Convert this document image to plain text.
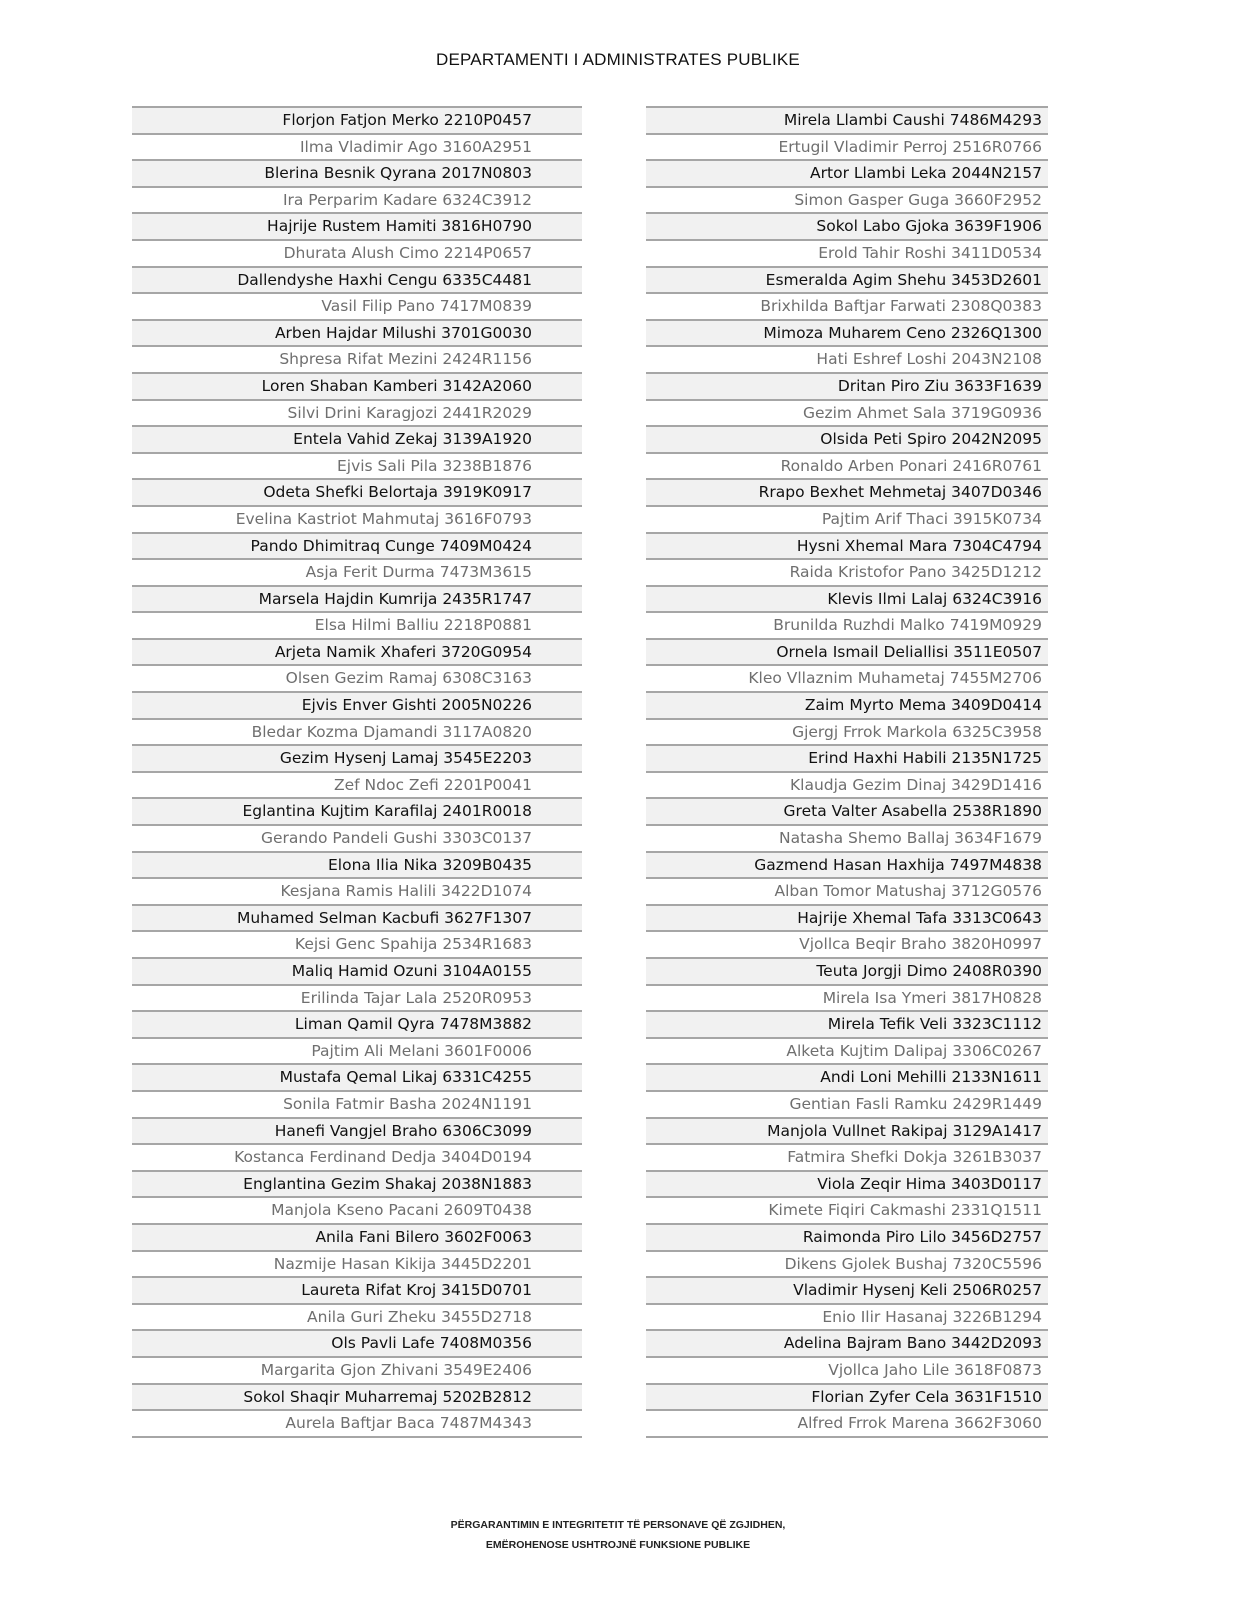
DEPARTAMENTI I ADMINISTRATES PUBLIKE
Florjon Fatjon Merko 2210P0457
Ilma Vladimir Ago 3160A2951
Blerina Besnik Qyrana 2017N0803
Ira Perparim Kadare 6324C3912
Hajrije Rustem Hamiti 3816H0790
Dhurata Alush Cimo 2214P0657
Dallendyshe Haxhi Cengu 6335C4481
Vasil Filip Pano 7417M0839
Arben Hajdar Milushi 3701G0030
Shpresa Rifat Mezini 2424R1156
Loren Shaban Kamberi 3142A2060
Silvi Drini Karagjozi 2441R2029
Entela Vahid Zekaj 3139A1920
Ejvis Sali Pila 3238B1876
Odeta Shefki Belortaja 3919K0917
Evelina Kastriot Mahmutaj 3616F0793
Pando Dhimitraq Cunge 7409M0424
Asja Ferit Durma 7473M3615
Marsela Hajdin Kumrija 2435R1747
Elsa Hilmi Balliu 2218P0881
Arjeta Namik Xhaferi 3720G0954
Olsen Gezim Ramaj 6308C3163
Ejvis Enver Gishti 2005N0226
Bledar Kozma Djamandi 3117A0820
Gezim Hysenj Lamaj 3545E2203
Zef Ndoc Zefi 2201P0041
Eglantina Kujtim Karafilaj 2401R0018
Gerando Pandeli Gushi 3303C0137
Elona Ilia Nika 3209B0435
Kesjana Ramis Halili 3422D1074
Muhamed Selman Kacbufi 3627F1307
Kejsi Genc Spahija 2534R1683
Maliq Hamid Ozuni 3104A0155
Erilinda Tajar Lala 2520R0953
Liman Qamil Qyra 7478M3882
Pajtim Ali Melani 3601F0006
Mustafa Qemal Likaj 6331C4255
Sonila Fatmir Basha 2024N1191
Hanefi Vangjel Braho 6306C3099
Kostanca Ferdinand Dedja 3404D0194
Englantina Gezim Shakaj 2038N1883
Manjola Kseno Pacani 2609T0438
Anila Fani Bilero 3602F0063
Nazmije Hasan Kikija 3445D2201
Laureta Rifat Kroj 3415D0701
Anila Guri Zheku 3455D2718
Ols Pavli Lafe 7408M0356
Margarita Gjon Zhivani 3549E2406
Sokol Shaqir Muharremaj 5202B2812
Aurela Baftjar Baca 7487M4343
Mirela Llambi Caushi 7486M4293
Ertugil Vladimir Perroj 2516R0766
Artor Llambi Leka 2044N2157
Simon Gasper Guga 3660F2952
Sokol Labo Gjoka 3639F1906
Erold Tahir Roshi 3411D0534
Esmeralda Agim Shehu 3453D2601
Brixhilda Baftjar Farwati 2308Q0383
Mimoza Muharem Ceno 2326Q1300
Hati Eshref Loshi 2043N2108
Dritan Piro Ziu 3633F1639
Gezim Ahmet Sala 3719G0936
Olsida Peti Spiro 2042N2095
Ronaldo Arben Ponari 2416R0761
Rrapo Bexhet Mehmetaj 3407D0346
Pajtim Arif Thaci 3915K0734
Hysni Xhemal Mara 7304C4794
Raida Kristofor Pano 3425D1212
Klevis Ilmi Lalaj 6324C3916
Brunilda Ruzhdi Malko 7419M0929
Ornela Ismail Deliallisi 3511E0507
Kleo Vllaznim Muhametaj 7455M2706
Zaim Myrto Mema 3409D0414
Gjergj Frrok Markola 6325C3958
Erind Haxhi Habili 2135N1725
Klaudja Gezim Dinaj 3429D1416
Greta Valter Asabella 2538R1890
Natasha Shemo Ballaj 3634F1679
Gazmend Hasan Haxhija 7497M4838
Alban Tomor Matushaj 3712G0576
Hajrije Xhemal Tafa 3313C0643
Vjollca Beqir Braho 3820H0997
Teuta Jorgji Dimo 2408R0390
Mirela Isa Ymeri 3817H0828
Mirela Tefik Veli 3323C1112
Alketa Kujtim Dalipaj 3306C0267
Andi Loni Mehilli 2133N1611
Gentian Fasli Ramku 2429R1449
Manjola Vullnet Rakipaj 3129A1417
Fatmira Shefki Dokja 3261B3037
Viola Zeqir Hima 3403D0117
Kimete Fiqiri Cakmashi 2331Q1511
Raimonda Piro Lilo 3456D2757
Dikens Gjolek Bushaj 7320C5596
Vladimir Hysenj Keli 2506R0257
Enio Ilir Hasanaj 3226B1294
Adelina Bajram Bano 3442D2093
Vjollca Jaho Lile 3618F0873
Florian Zyfer Cela 3631F1510
Alfred Frrok Marena 3662F3060
PËRGARANTIMIN E INTEGRITETIT TË PERSONAVE QË ZGJIDHEN,
EMËROHENOSE USHTROJNË FUNKSIONE PUBLIKE
